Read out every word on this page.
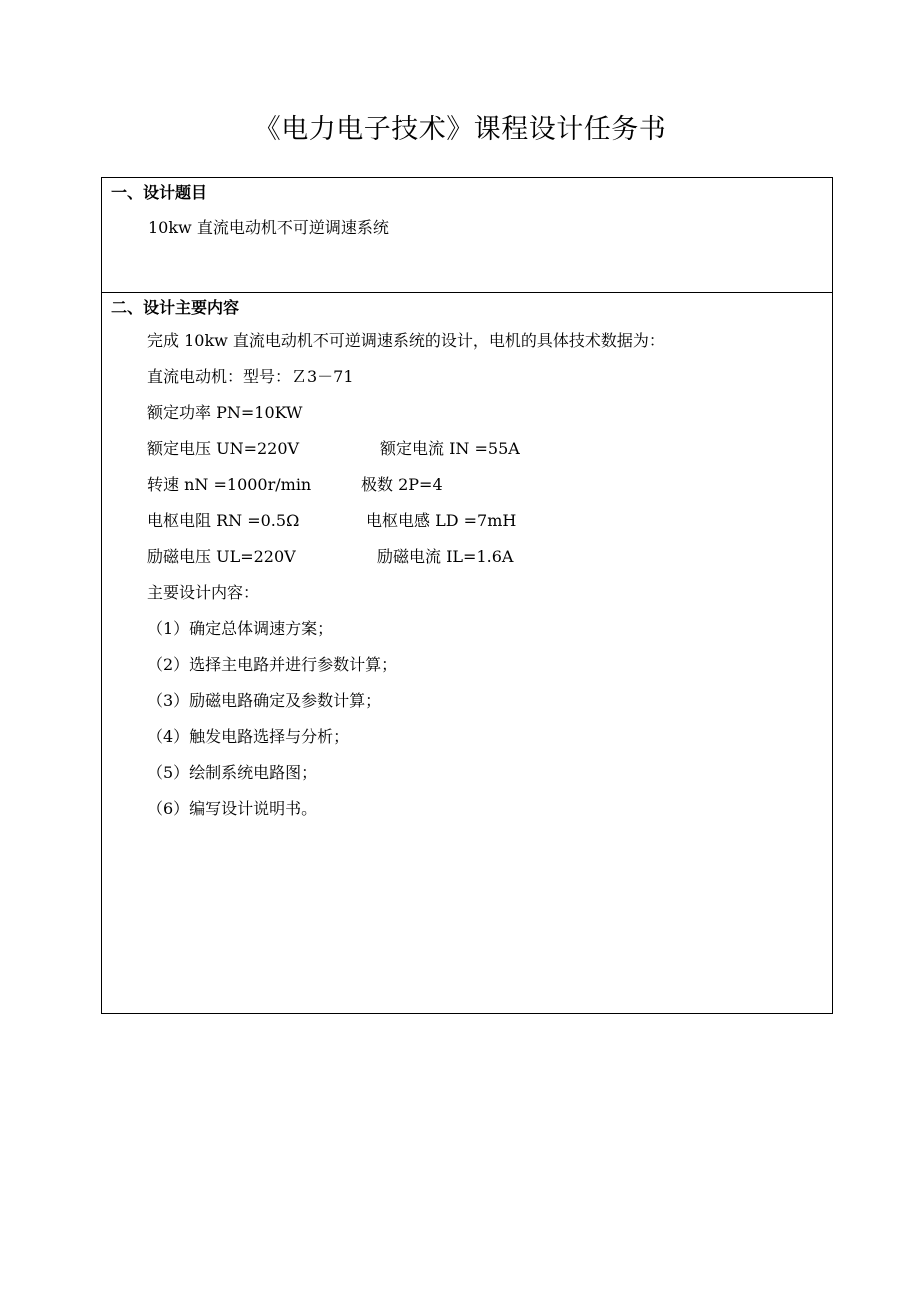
《电力电子技术》课程设计任务书
一、设计题目
10kw 直流电动机不可逆调速系统
二、设计主要内容
完成 10kw 直流电动机不可逆调速系统的设计，电机的具体技术数据为：
直流电动机：型号：Ｚ3－71
额定功率 PN=10KW
额定电压 UN=220V	额定电流 IN =55A
转速 nN =1000r/min	极数 2P=4
电枢电阻 RN =0.5Ω	电枢电感 LD =7mH
励磁电压 UL=220V	励磁电流 IL=1.6A
主要设计内容：
（1）确定总体调速方案；
（2）选择主电路并进行参数计算；
（3）励磁电路确定及参数计算；
（4）触发电路选择与分析；
（5）绘制系统电路图；
（6）编写设计说明书。
